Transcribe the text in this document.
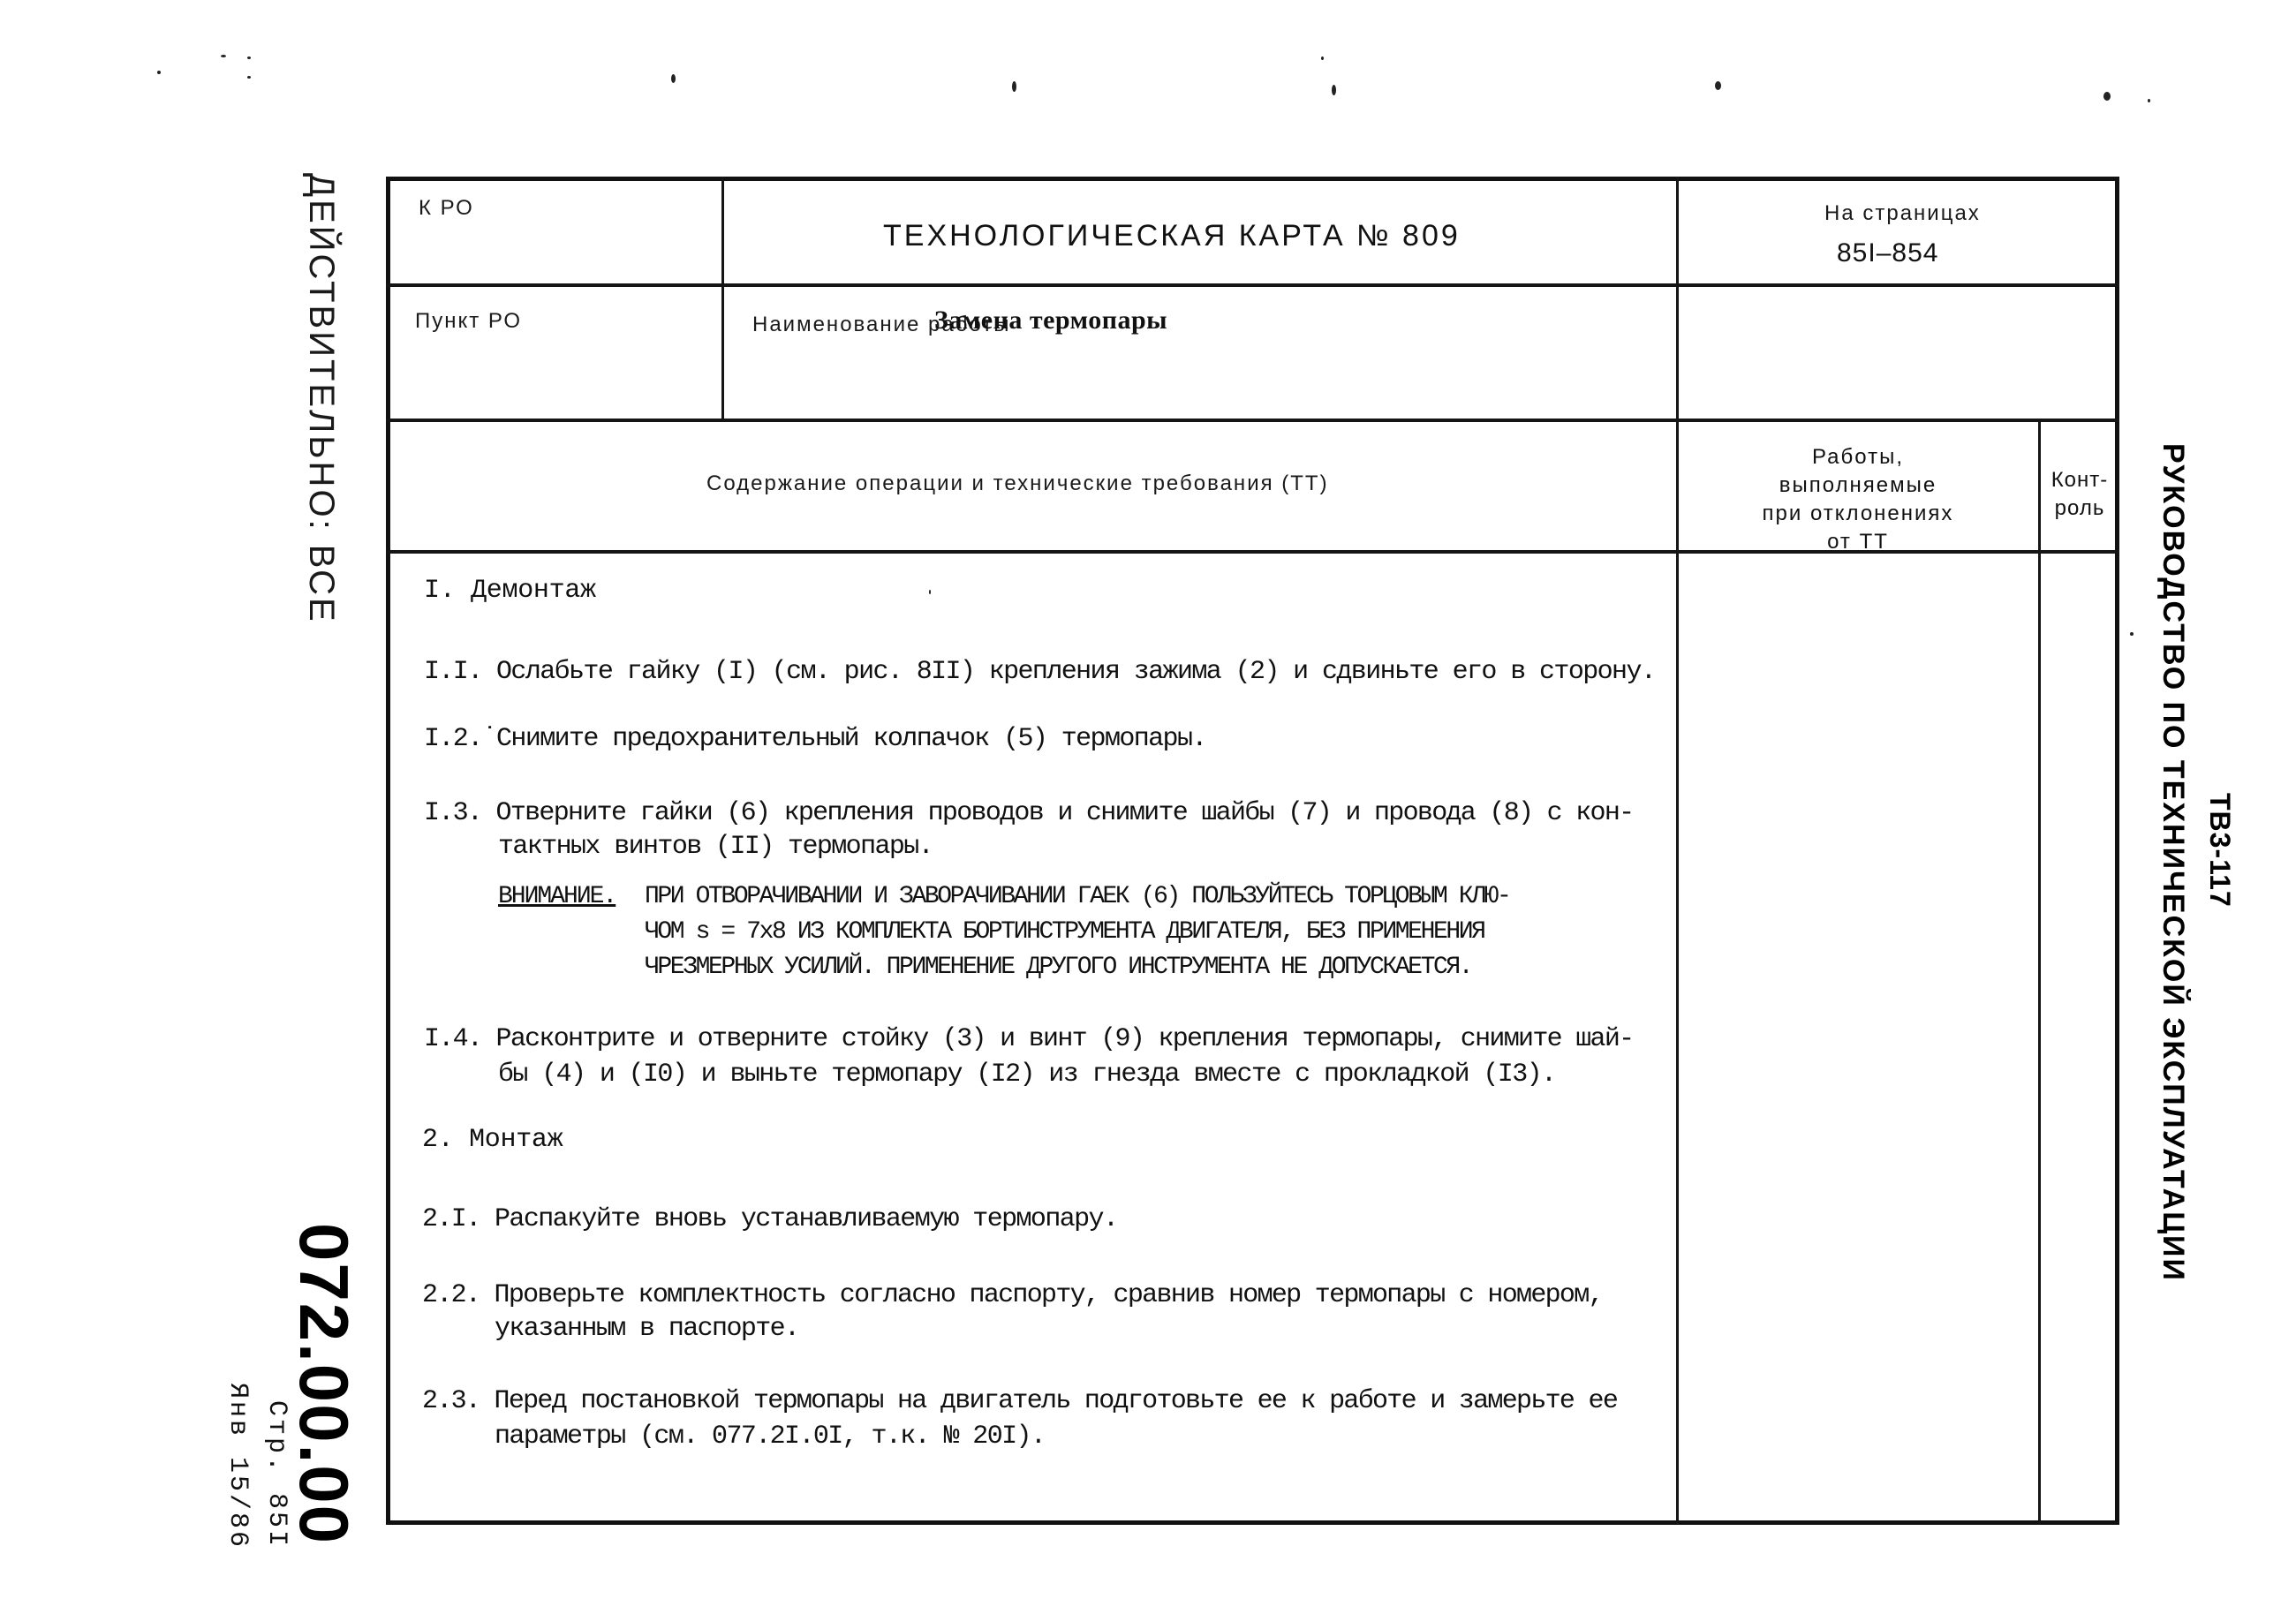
ДЕЙСТВИТЕЛЬНО: ВСЕ
072.00.00
Стр. 85I
Янв 15/86
ТВ3-117
РУКОВОДСТВО ПО ТЕХНИЧЕСКОЙ ЭКСПЛУАТАЦИИ
К РО
ТЕХНОЛОГИЧЕСКАЯ КАРТА № 809
На страницах
85I–854
Пункт РО	Наименование работы
Замена термопары
Содержание операции и технические требования (ТТ)
Работы,
выполняемые
при отклонениях
от ТТ
Конт-
роль
I. Демонтаж
I.I. Ослабьте гайку (I) (см. рис. 8II) крепления зажима (2) и сдвиньте его в сторону.
I.2.˙Снимите предохранительный колпачок (5) термопары.
I.3. Отверните гайки (6) крепления проводов и снимите шайбы (7) и провода (8) с кон-
тактных винтов (II) термопары.
ВНИМАНИЕ. ПРИ ОТВОРАЧИВАНИИ И ЗАВОРАЧИВАНИИ ГАЕК (6) ПОЛЬЗУЙТЕСЬ ТОРЦОВЫМ КЛЮ-
ЧОМ s = 7х8 ИЗ КОМПЛЕКТА БОРТИНСТРУМЕНТА ДВИГАТЕЛЯ, БЕЗ ПРИМЕНЕНИЯ
ЧРЕЗМЕРНЫХ УСИЛИЙ. ПРИМЕНЕНИЕ ДРУГОГО ИНСТРУМЕНТА НЕ ДОПУСКАЕТСЯ.
I.4. Расконтрите и отверните стойку (3) и винт (9) крепления термопары, снимите шай-
бы (4) и (I0) и выньте термопару (I2) из гнезда вместе с прокладкой (I3).
2. Монтаж
2.I. Распакуйте вновь устанавливаемую термопару.
2.2. Проверьте комплектность согласно паспорту, сравнив номер термопары с номером,
указанным в паспорте.
2.3. Перед постановкой термопары на двигатель подготовьте ее к работе и замерьте ее
параметры (см. 077.2I.0I, т.к. № 20I).
